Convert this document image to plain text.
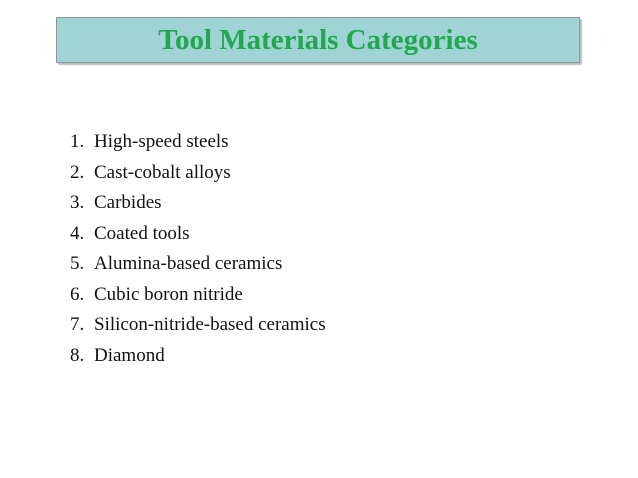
Tool Materials Categories
1. High-speed steels
2. Cast-cobalt alloys
3. Carbides
4. Coated tools
5. Alumina-based ceramics
6. Cubic boron nitride
7. Silicon-nitride-based ceramics
8. Diamond
